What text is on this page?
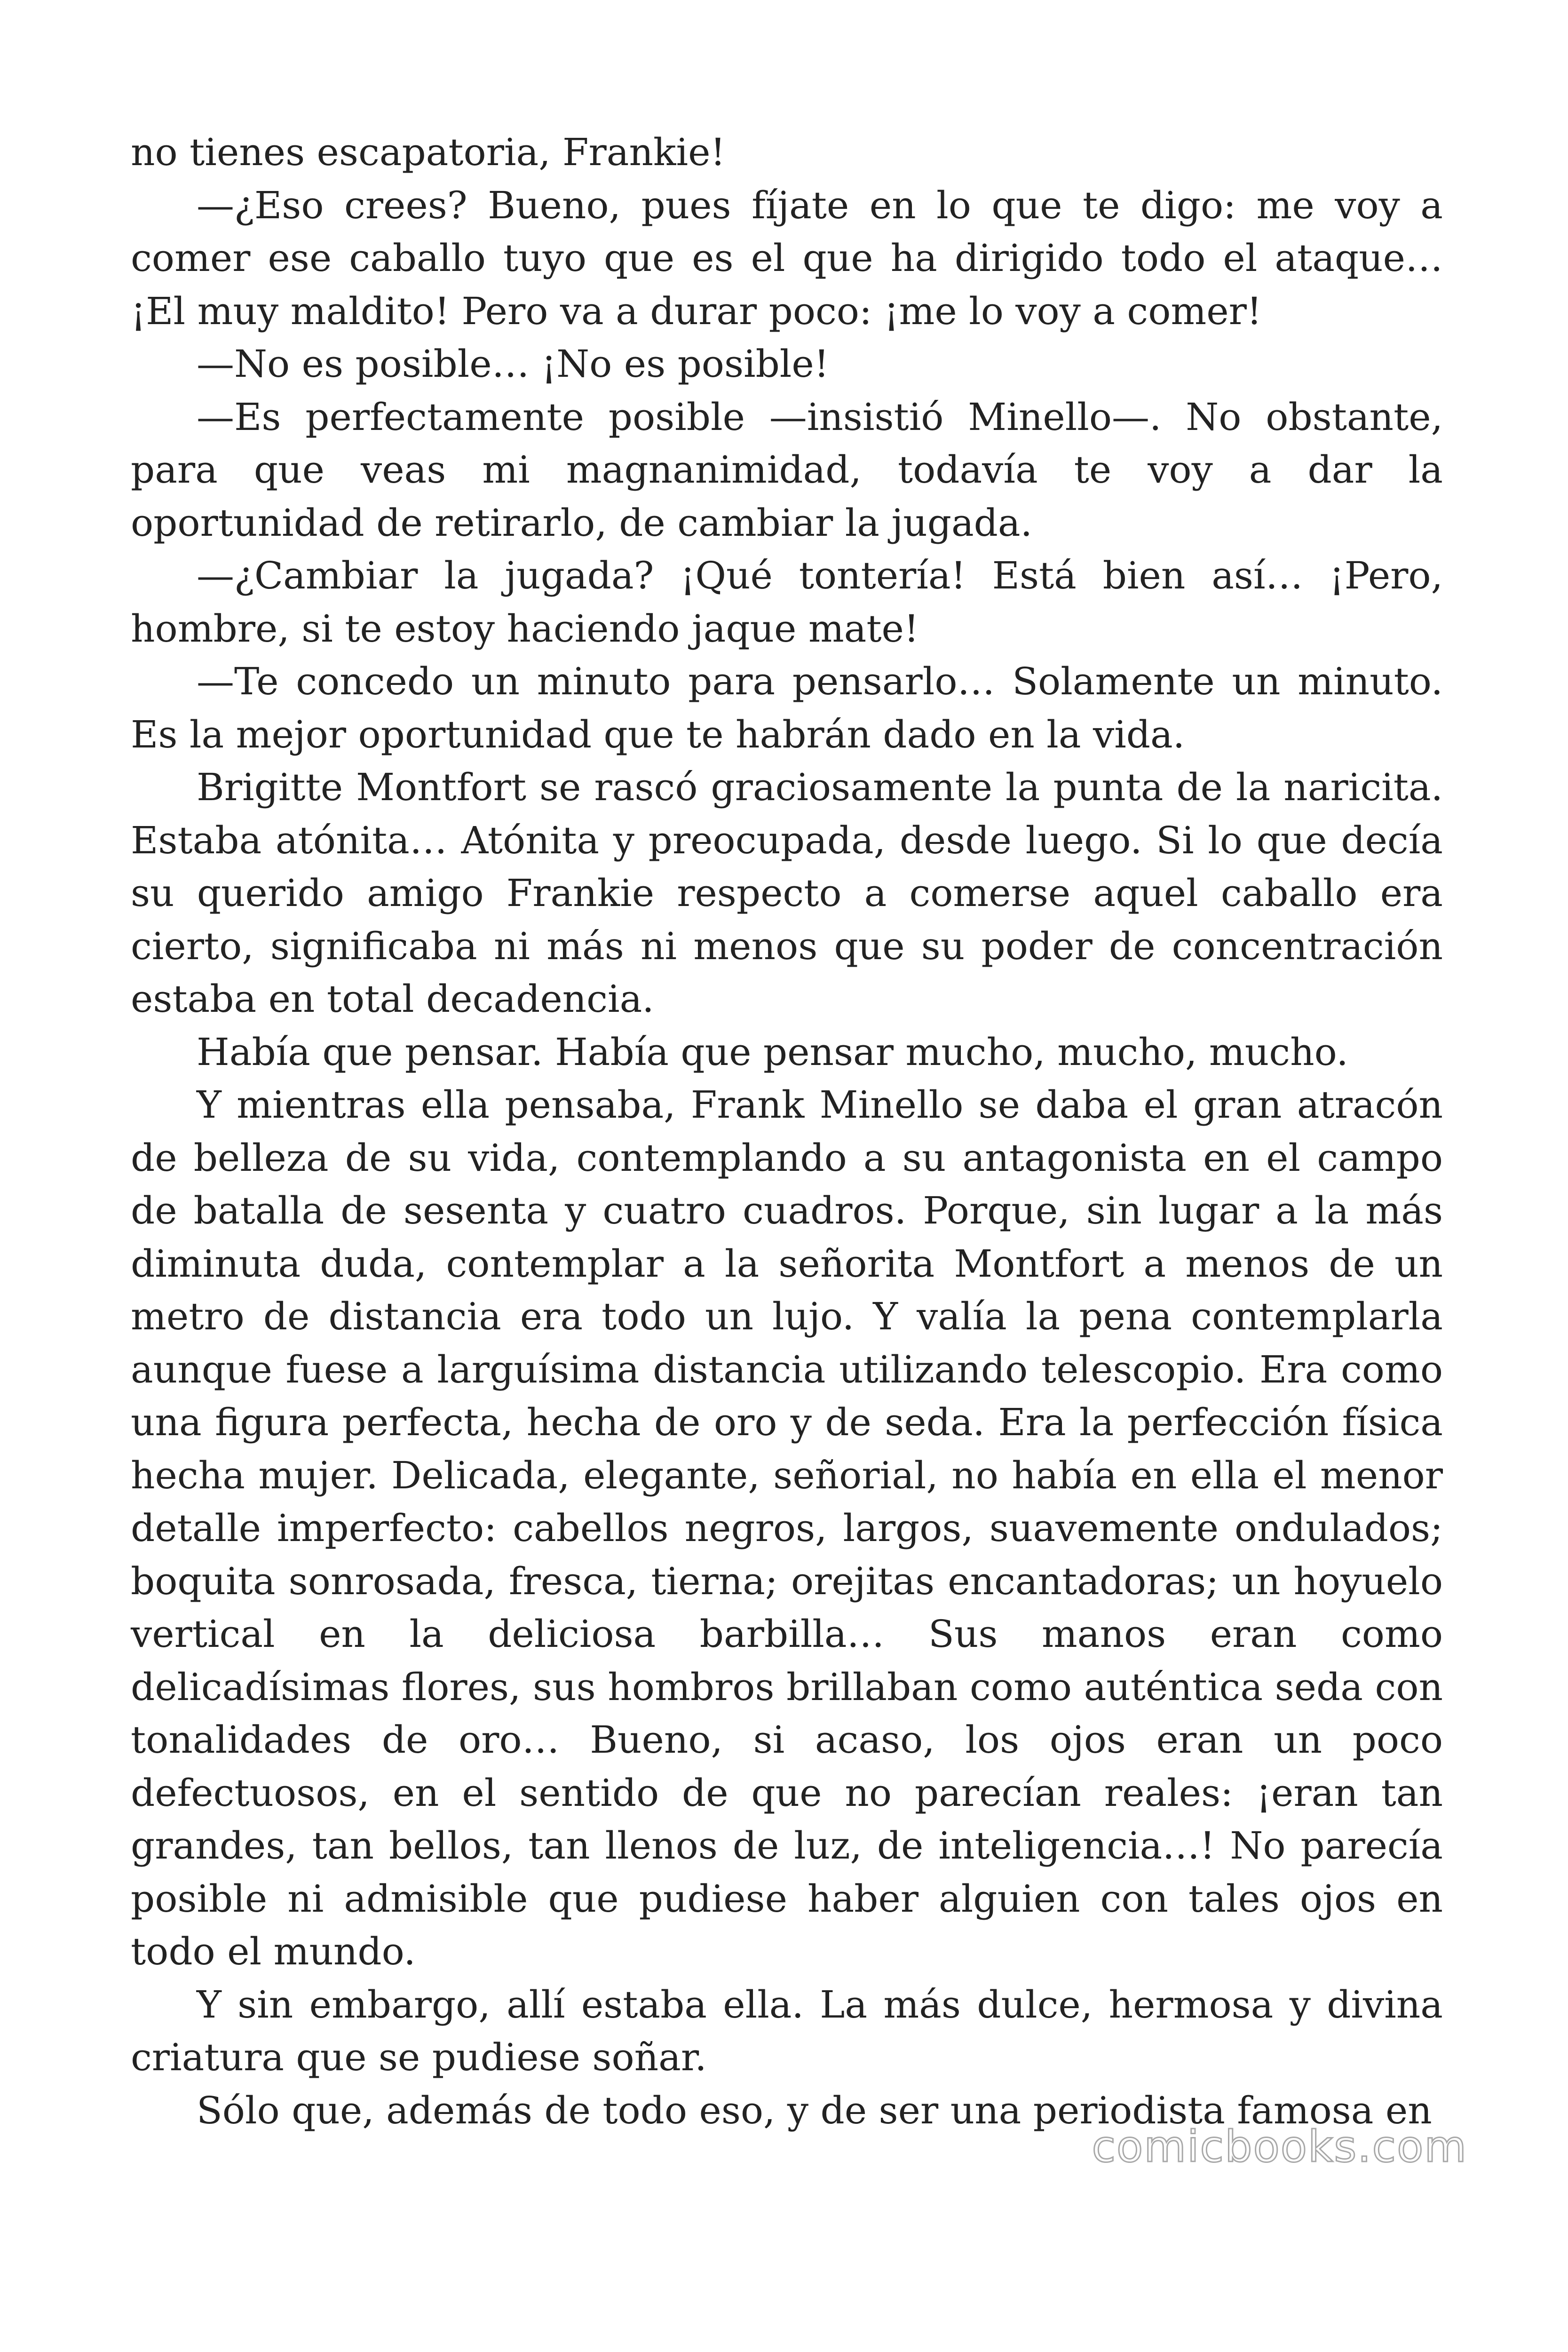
no tienes escapatoria, Frankie!

—¿Eso crees? Bueno, pues fíjate en lo que te digo: me voy a comer ese caballo tuyo que es el que ha dirigido todo el ataque… ¡El muy maldito! Pero va a durar poco: ¡me lo voy a comer!

—No es posible… ¡No es posible!

—Es perfectamente posible —insistió Minello—. No obstante, para que veas mi magnanimidad, todavía te voy a dar la oportunidad de retirarlo, de cambiar la jugada.

—¿Cambiar la jugada? ¡Qué tontería! Está bien así… ¡Pero, hombre, si te estoy haciendo jaque mate!

—Te concedo un minuto para pensarlo… Solamente un minuto. Es la mejor oportunidad que te habrán dado en la vida.

Brigitte Montfort se rascó graciosamente la punta de la naricita. Estaba atónita… Atónita y preocupada, desde luego. Si lo que decía su querido amigo Frankie respecto a comerse aquel caballo era cierto, significaba ni más ni menos que su poder de concentración estaba en total decadencia.

Había que pensar. Había que pensar mucho, mucho, mucho.

Y mientras ella pensaba, Frank Minello se daba el gran atracón de belleza de su vida, contemplando a su antagonista en el campo de batalla de sesenta y cuatro cuadros. Porque, sin lugar a la más diminuta duda, contemplar a la señorita Montfort a menos de un metro de distancia era todo un lujo. Y valía la pena contemplarla aunque fuese a larguísima distancia utilizando telescopio. Era como una figura perfecta, hecha de oro y de seda. Era la perfección física hecha mujer. Delicada, elegante, señorial, no había en ella el menor detalle imperfecto: cabellos negros, largos, suavemente ondulados; boquita sonrosada, fresca, tierna; orejitas encantadoras; un hoyuelo vertical en la deliciosa barbilla… Sus manos eran como delicadísimas flores, sus hombros brillaban como auténtica seda con tonalidades de oro… Bueno, si acaso, los ojos eran un poco defectuosos, en el sentido de que no parecían reales: ¡eran tan grandes, tan bellos, tan llenos de luz, de inteligencia…! No parecía posible ni admisible que pudiese haber alguien con tales ojos en todo el mundo.

Y sin embargo, allí estaba ella. La más dulce, hermosa y divina criatura que se pudiese soñar.

Sólo que, además de todo eso, y de ser una periodista famosa en

comicbooks.com
